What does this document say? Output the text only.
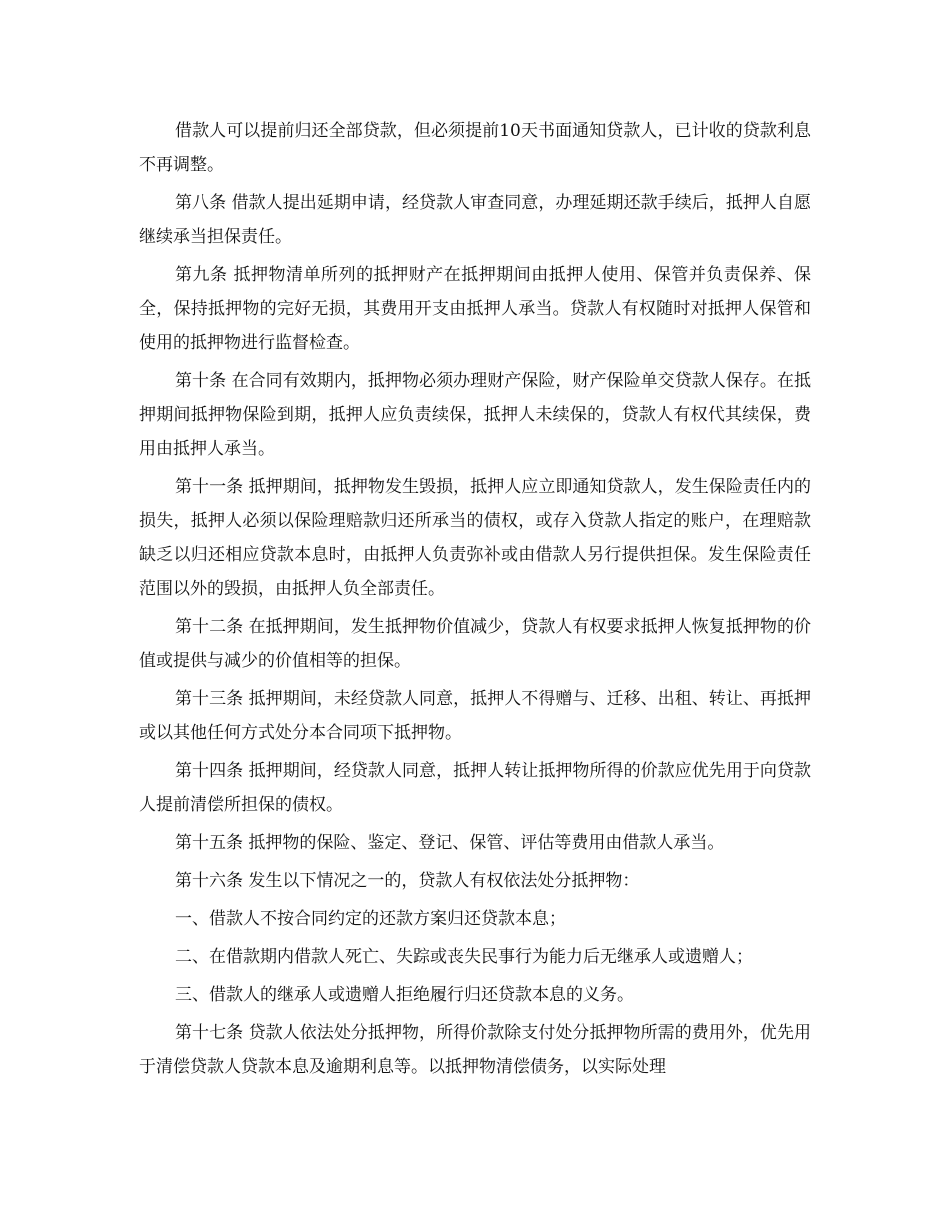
借款人可以提前归还全部贷款，但必须提前10天书面通知贷款人，已计收的贷款利息不再调整。

第八条 借款人提出延期申请，经贷款人审查同意，办理延期还款手续后，抵押人自愿继续承当担保责任。

第九条 抵押物清单所列的抵押财产在抵押期间由抵押人使用、保管并负责保养、保全，保持抵押物的完好无损，其费用开支由抵押人承当。贷款人有权随时对抵押人保管和使用的抵押物进行监督检查。

第十条 在合同有效期内，抵押物必须办理财产保险，财产保险单交贷款人保存。在抵押期间抵押物保险到期，抵押人应负责续保，抵押人未续保的，贷款人有权代其续保，费用由抵押人承当。

第十一条 抵押期间，抵押物发生毁损，抵押人应立即通知贷款人，发生保险责任内的损失，抵押人必须以保险理赔款归还所承当的债权，或存入贷款人指定的账户，在理赔款缺乏以归还相应贷款本息时，由抵押人负责弥补或由借款人另行提供担保。发生保险责任范围以外的毁损，由抵押人负全部责任。

第十二条 在抵押期间，发生抵押物价值减少，贷款人有权要求抵押人恢复抵押物的价值或提供与减少的价值相等的担保。

第十三条 抵押期间，未经贷款人同意，抵押人不得赠与、迁移、出租、转让、再抵押或以其他任何方式处分本合同项下抵押物。

第十四条 抵押期间，经贷款人同意，抵押人转让抵押物所得的价款应优先用于向贷款人提前清偿所担保的债权。

第十五条 抵押物的保险、鉴定、登记、保管、评估等费用由借款人承当。

第十六条 发生以下情况之一的，贷款人有权依法处分抵押物：

一、借款人不按合同约定的还款方案归还贷款本息；

二、在借款期内借款人死亡、失踪或丧失民事行为能力后无继承人或遗赠人；

三、借款人的继承人或遗赠人拒绝履行归还贷款本息的义务。

第十七条 贷款人依法处分抵押物，所得价款除支付处分抵押物所需的费用外，优先用于清偿贷款人贷款本息及逾期利息等。以抵押物清偿债务，以实际处理
